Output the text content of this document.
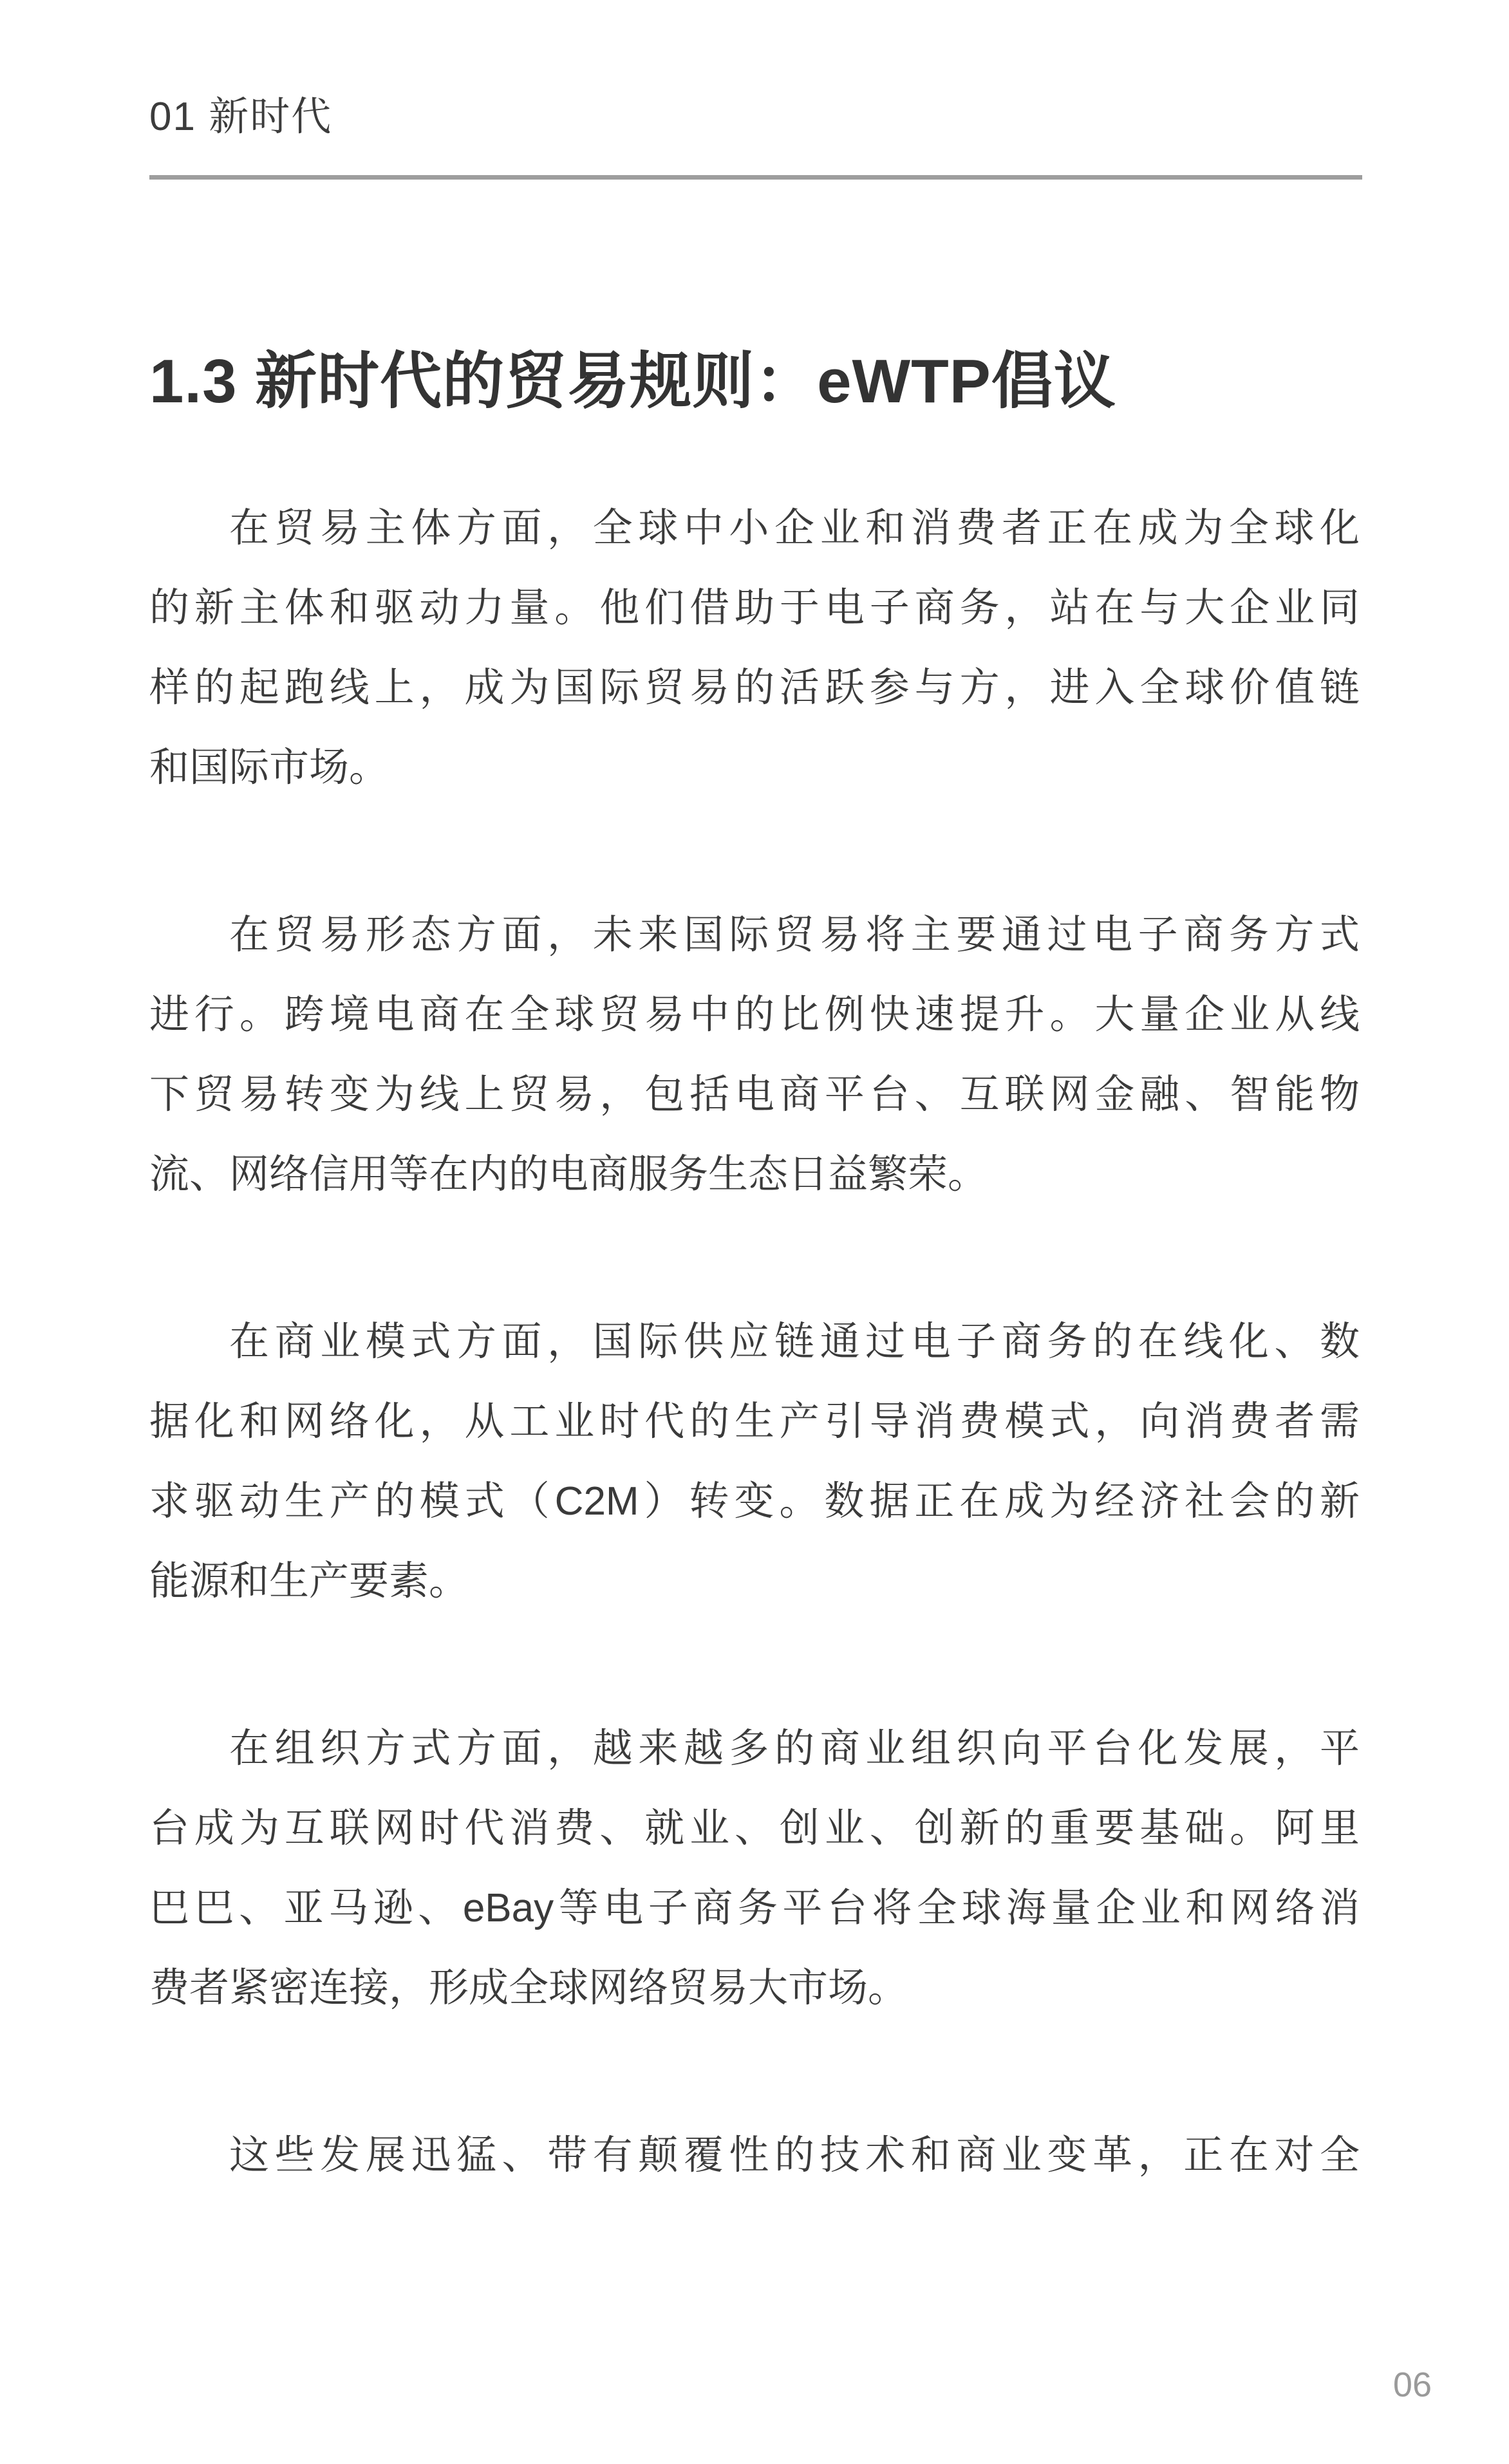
01 新时代
1.3 新时代的贸易规则：eWTP倡议
在贸易主体方面，全球中小企业和消费者正在成为全球化
的新主体和驱动力量。他们借助于电子商务，站在与大企业同
样的起跑线上，成为国际贸易的活跃参与方，进入全球价值链
和国际市场。
在贸易形态方面，未来国际贸易将主要通过电子商务方式
进行。跨境电商在全球贸易中的比例快速提升。大量企业从线
下贸易转变为线上贸易，包括电商平台、互联网金融、智能物
流、网络信用等在内的电商服务生态日益繁荣。
在商业模式方面，国际供应链通过电子商务的在线化、数
据化和网络化，从工业时代的生产引导消费模式，向消费者需
求驱动生产的模式（C2M）转变。数据正在成为经济社会的新
能源和生产要素。
在组织方式方面，越来越多的商业组织向平台化发展，平
台成为互联网时代消费、就业、创业、创新的重要基础。阿里
巴巴、亚马逊、eBay等电子商务平台将全球海量企业和网络消
费者紧密连接，形成全球网络贸易大市场。
这些发展迅猛、带有颠覆性的技术和商业变革，正在对全
06
